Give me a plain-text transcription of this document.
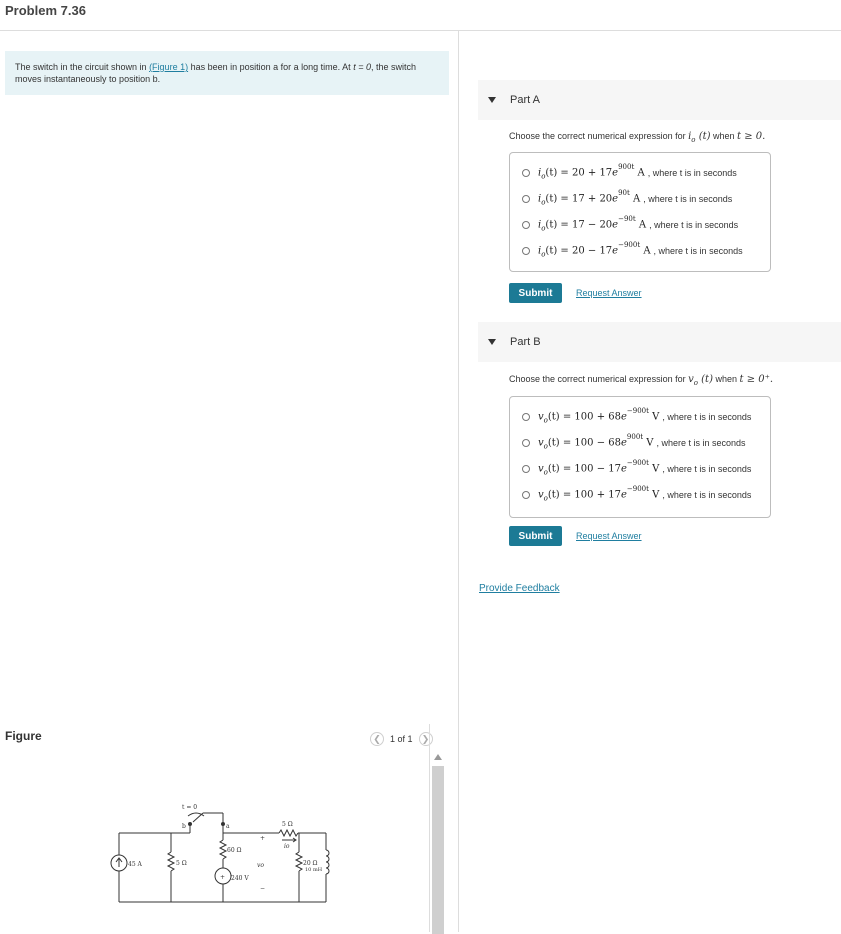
Problem 7.36
The switch in the circuit shown in (Figure 1) has been in position a for a long time. At t = 0, the switch moves instantaneously to position b.
Figure	❮ 1 of 1 ❯
t = 0
b	a
45 A	5 Ω
60 Ω
+ 240 V
5 Ω
io
+
vo
−
20 Ω
10 mH
Part A
Choose the correct numerical expression for $i_o$ (t) when t ≥ 0.
$i_o(t) = 20 + 17e^{900t}$ A , where t is in seconds
$i_o(t) = 17 + 20e^{90t}$ A , where t is in seconds
$i_o(t) = 17 - 20e^{-90t}$ A , where t is in seconds
$i_o(t) = 20 - 17e^{-900t}$ A , where t is in seconds
Submit	Request Answer
Part B
Choose the correct numerical expression for $v_o$ (t) when t ≥ 0⁺.
$v_o(t) = 100 + 68e^{-900t}$ V , where t is in seconds
$v_o(t) = 100 - 68e^{900t}$ V , where t is in seconds
$v_o(t) = 100 - 17e^{-900t}$ V , where t is in seconds
$v_o(t) = 100 + 17e^{-900t}$ V , where t is in seconds
Submit	Request Answer
Provide Feedback
